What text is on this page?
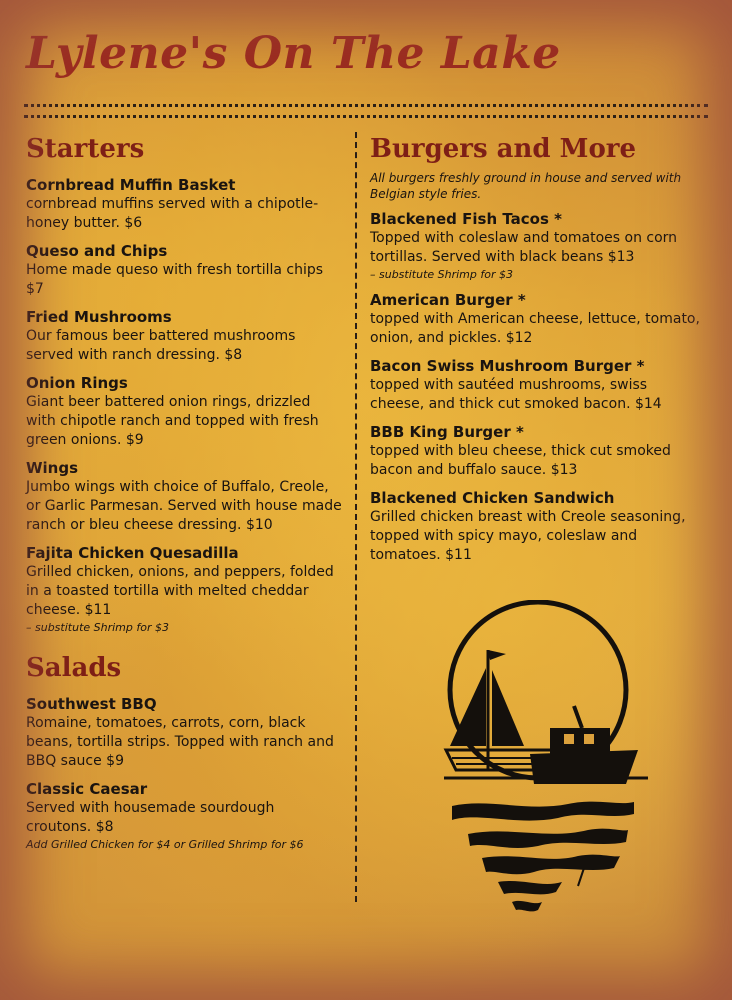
Lylene's On The Lake
Starters
Cornbread Muffin Basket
cornbread muffins served with a chipotle-honey butter. $6
Queso and Chips
Home made queso with fresh tortilla chips $7
Fried Mushrooms
Our famous beer battered mushrooms served with ranch dressing. $8
Onion Rings
Giant beer battered onion rings, drizzled with chipotle ranch and topped with fresh green onions. $9
Wings
Jumbo wings with choice of Buffalo, Creole, or Garlic Parmesan. Served with house made ranch or bleu cheese dressing. $10
Fajita Chicken Quesadilla
Grilled chicken, onions, and peppers, folded in a toasted tortilla with melted cheddar cheese. $11
– substitute Shrimp for $3
Salads
Southwest BBQ
Romaine, tomatoes, carrots, corn, black beans, tortilla strips. Topped with ranch and BBQ sauce $9
Classic Caesar
Served with housemade sourdough croutons. $8
Add Grilled Chicken for $4 or Grilled Shrimp for $6
Burgers and More
All burgers freshly ground in house and served with Belgian style fries.
Blackened Fish Tacos *
Topped with coleslaw and tomatoes on corn tortillas. Served with black beans $13
– substitute Shrimp for $3
American Burger *
topped with American cheese, lettuce, tomato, onion, and pickles. $12
Bacon Swiss Mushroom Burger *
topped with sautéed mushrooms, swiss cheese, and thick cut smoked bacon. $14
BBB King Burger *
topped with bleu cheese, thick cut smoked bacon and buffalo sauce. $13
Blackened Chicken Sandwich
Grilled chicken breast with Creole seasoning, topped with spicy mayo, coleslaw and tomatoes. $11
